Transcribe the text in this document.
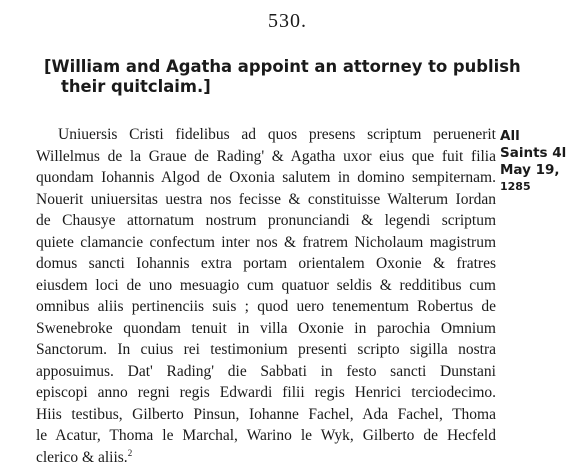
530.
[William and Agatha appoint an attorney to publish
their quitclaim.]
Uniuersis Cristi fidelibus ad quos presens scriptum peruenerit
Willelmus de la Graue de Rading' & Agatha uxor eius que fuit filia
quondam Iohannis Algod de Oxonia salutem in domino sempiternam.
Nouerit uniuersitas uestra nos fecisse & constituisse Walterum Iordan
de Chausye attornatum nostrum pronunciandi & legendi scriptum
quiete clamancie confectum inter nos & fratrem Nicholaum magistrum
domus sancti Iohannis extra portam orientalem Oxonie & fratres
eiusdem loci de uno mesuagio cum quatuor seldis & redditibus cum
omnibus aliis pertinenciis suis ; quod uero tenementum Robertus de
Swenebroke quondam tenuit in villa Oxonie in parochia Omnium
Sanctorum. In cuius rei testimonium presenti scripto sigilla nostra
apposuimus. Dat' Rading' die Sabbati in festo sancti Dunstani
episcopi anno regni regis Edwardi filii regis Henrici terciodecimo.
Hiis testibus, Gilberto Pinsun, Iohanne Fachel, Ada Fachel, Thoma
le Acatur, Thoma le Marchal, Warino le Wyk, Gilberto de Hecfeld
clerico & aliis.$^2$
All
Saints 4l
May 19,
1285
